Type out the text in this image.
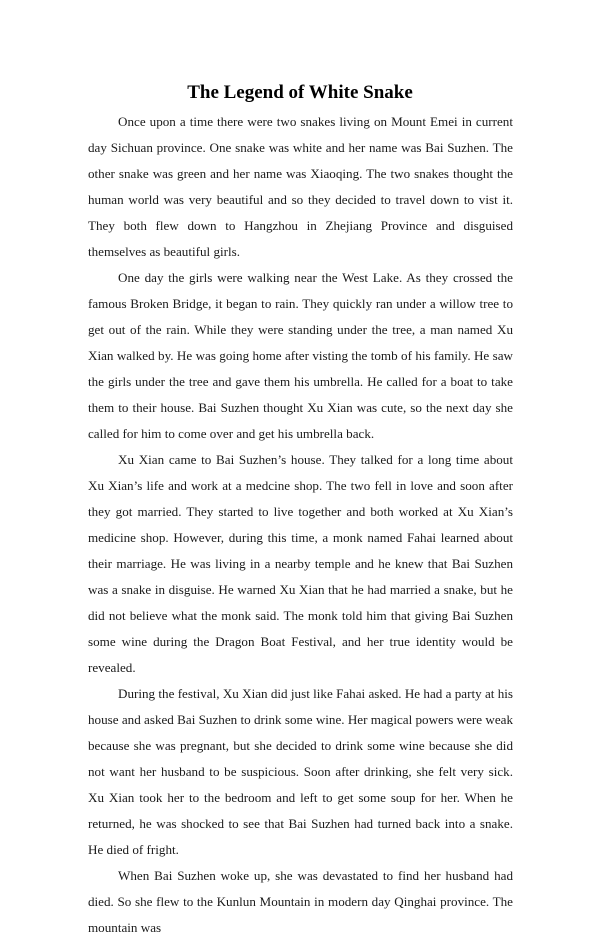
The Legend of White Snake

Once upon a time there were two snakes living on Mount Emei in current day Sichuan province. One snake was white and her name was Bai Suzhen. The other snake was green and her name was Xiaoqing. The two snakes thought the human world was very beautiful and so they decided to travel down to vist it. They both flew down to Hangzhou in Zhejiang Province and disguised themselves as beautiful girls.

One day the girls were walking near the West Lake. As they crossed the famous Broken Bridge, it began to rain. They quickly ran under a willow tree to get out of the rain. While they were standing under the tree, a man named Xu Xian walked by. He was going home after visting the tomb of his family. He saw the girls under the tree and gave them his umbrella. He called for a boat to take them to their house. Bai Suzhen thought Xu Xian was cute, so the next day she called for him to come over and get his umbrella back.

Xu Xian came to Bai Suzhen’s house. They talked for a long time about Xu Xian’s life and work at a medcine shop. The two fell in love and soon after they got married. They started to live together and both worked at Xu Xian’s medicine shop. However, during this time, a monk named Fahai learned about their marriage. He was living in a nearby temple and he knew that Bai Suzhen was a snake in disguise. He warned Xu Xian that he had married a snake, but he did not believe what the monk said. The monk told him that giving Bai Suzhen some wine during the Dragon Boat Festival, and her true identity would be revealed.

During the festival, Xu Xian did just like Fahai asked. He had a party at his house and asked Bai Suzhen to drink some wine. Her magical powers were weak because she was pregnant, but she decided to drink some wine because she did not want her husband to be suspicious. Soon after drinking, she felt very sick. Xu Xian took her to the bedroom and left to get some soup for her. When he returned, he was shocked to see that Bai Suzhen had turned back into a snake. He died of fright.

When Bai Suzhen woke up, she was devastated to find her husband had died. So she flew to the Kunlun Mountain in modern day Qinghai province. The mountain was
